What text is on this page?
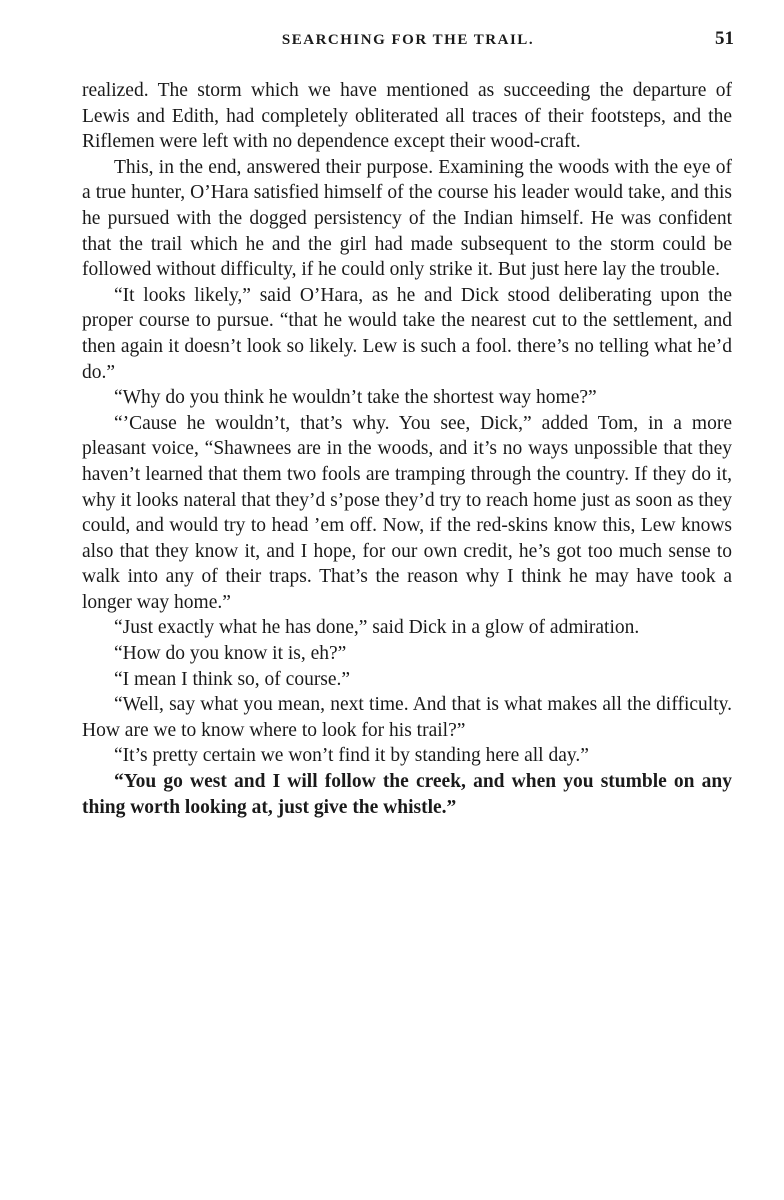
SEARCHING FOR THE TRAIL.	51

realized. The storm which we have mentioned as succeeding the departure of Lewis and Edith, had completely obliterated all traces of their footsteps, and the Riflemen were left with no dependence except their wood-craft.

This, in the end, answered their purpose. Examining the woods with the eye of a true hunter, O’Hara satisfied himself of the course his leader would take, and this he pursued with the dogged persistency of the Indian himself. He was confident that the trail which he and the girl had made subsequent to the storm could be followed without difficulty, if he could only strike it. But just here lay the trouble.

“It looks likely,” said O’Hara, as he and Dick stood deliberating upon the proper course to pursue. “that he would take the nearest cut to the settlement, and then again it doesn’t look so likely. Lew is such a fool. there’s no telling what he’d do.”

“Why do you think he wouldn’t take the shortest way home?”

“’Cause he wouldn’t, that’s why. You see, Dick,” added Tom, in a more pleasant voice, “Shawnees are in the woods, and it’s no ways unpossible that they haven’t learned that them two fools are tramping through the country. If they do it, why it looks nateral that they’d s’pose they’d try to reach home just as soon as they could, and would try to head ’em off. Now, if the red-skins know this, Lew knows also that they know it, and I hope, for our own credit, he’s got too much sense to walk into any of their traps. That’s the reason why I think he may have took a longer way home.”

“Just exactly what he has done,” said Dick in a glow of admiration.

“How do you know it is, eh?”

“I mean I think so, of course.”

“Well, say what you mean, next time. And that is what makes all the difficulty. How are we to know where to look for his trail?”

“It’s pretty certain we won’t find it by standing here all day.”

“You go west and I will follow the creek, and when you stumble on any thing worth looking at, just give the whistle.”
